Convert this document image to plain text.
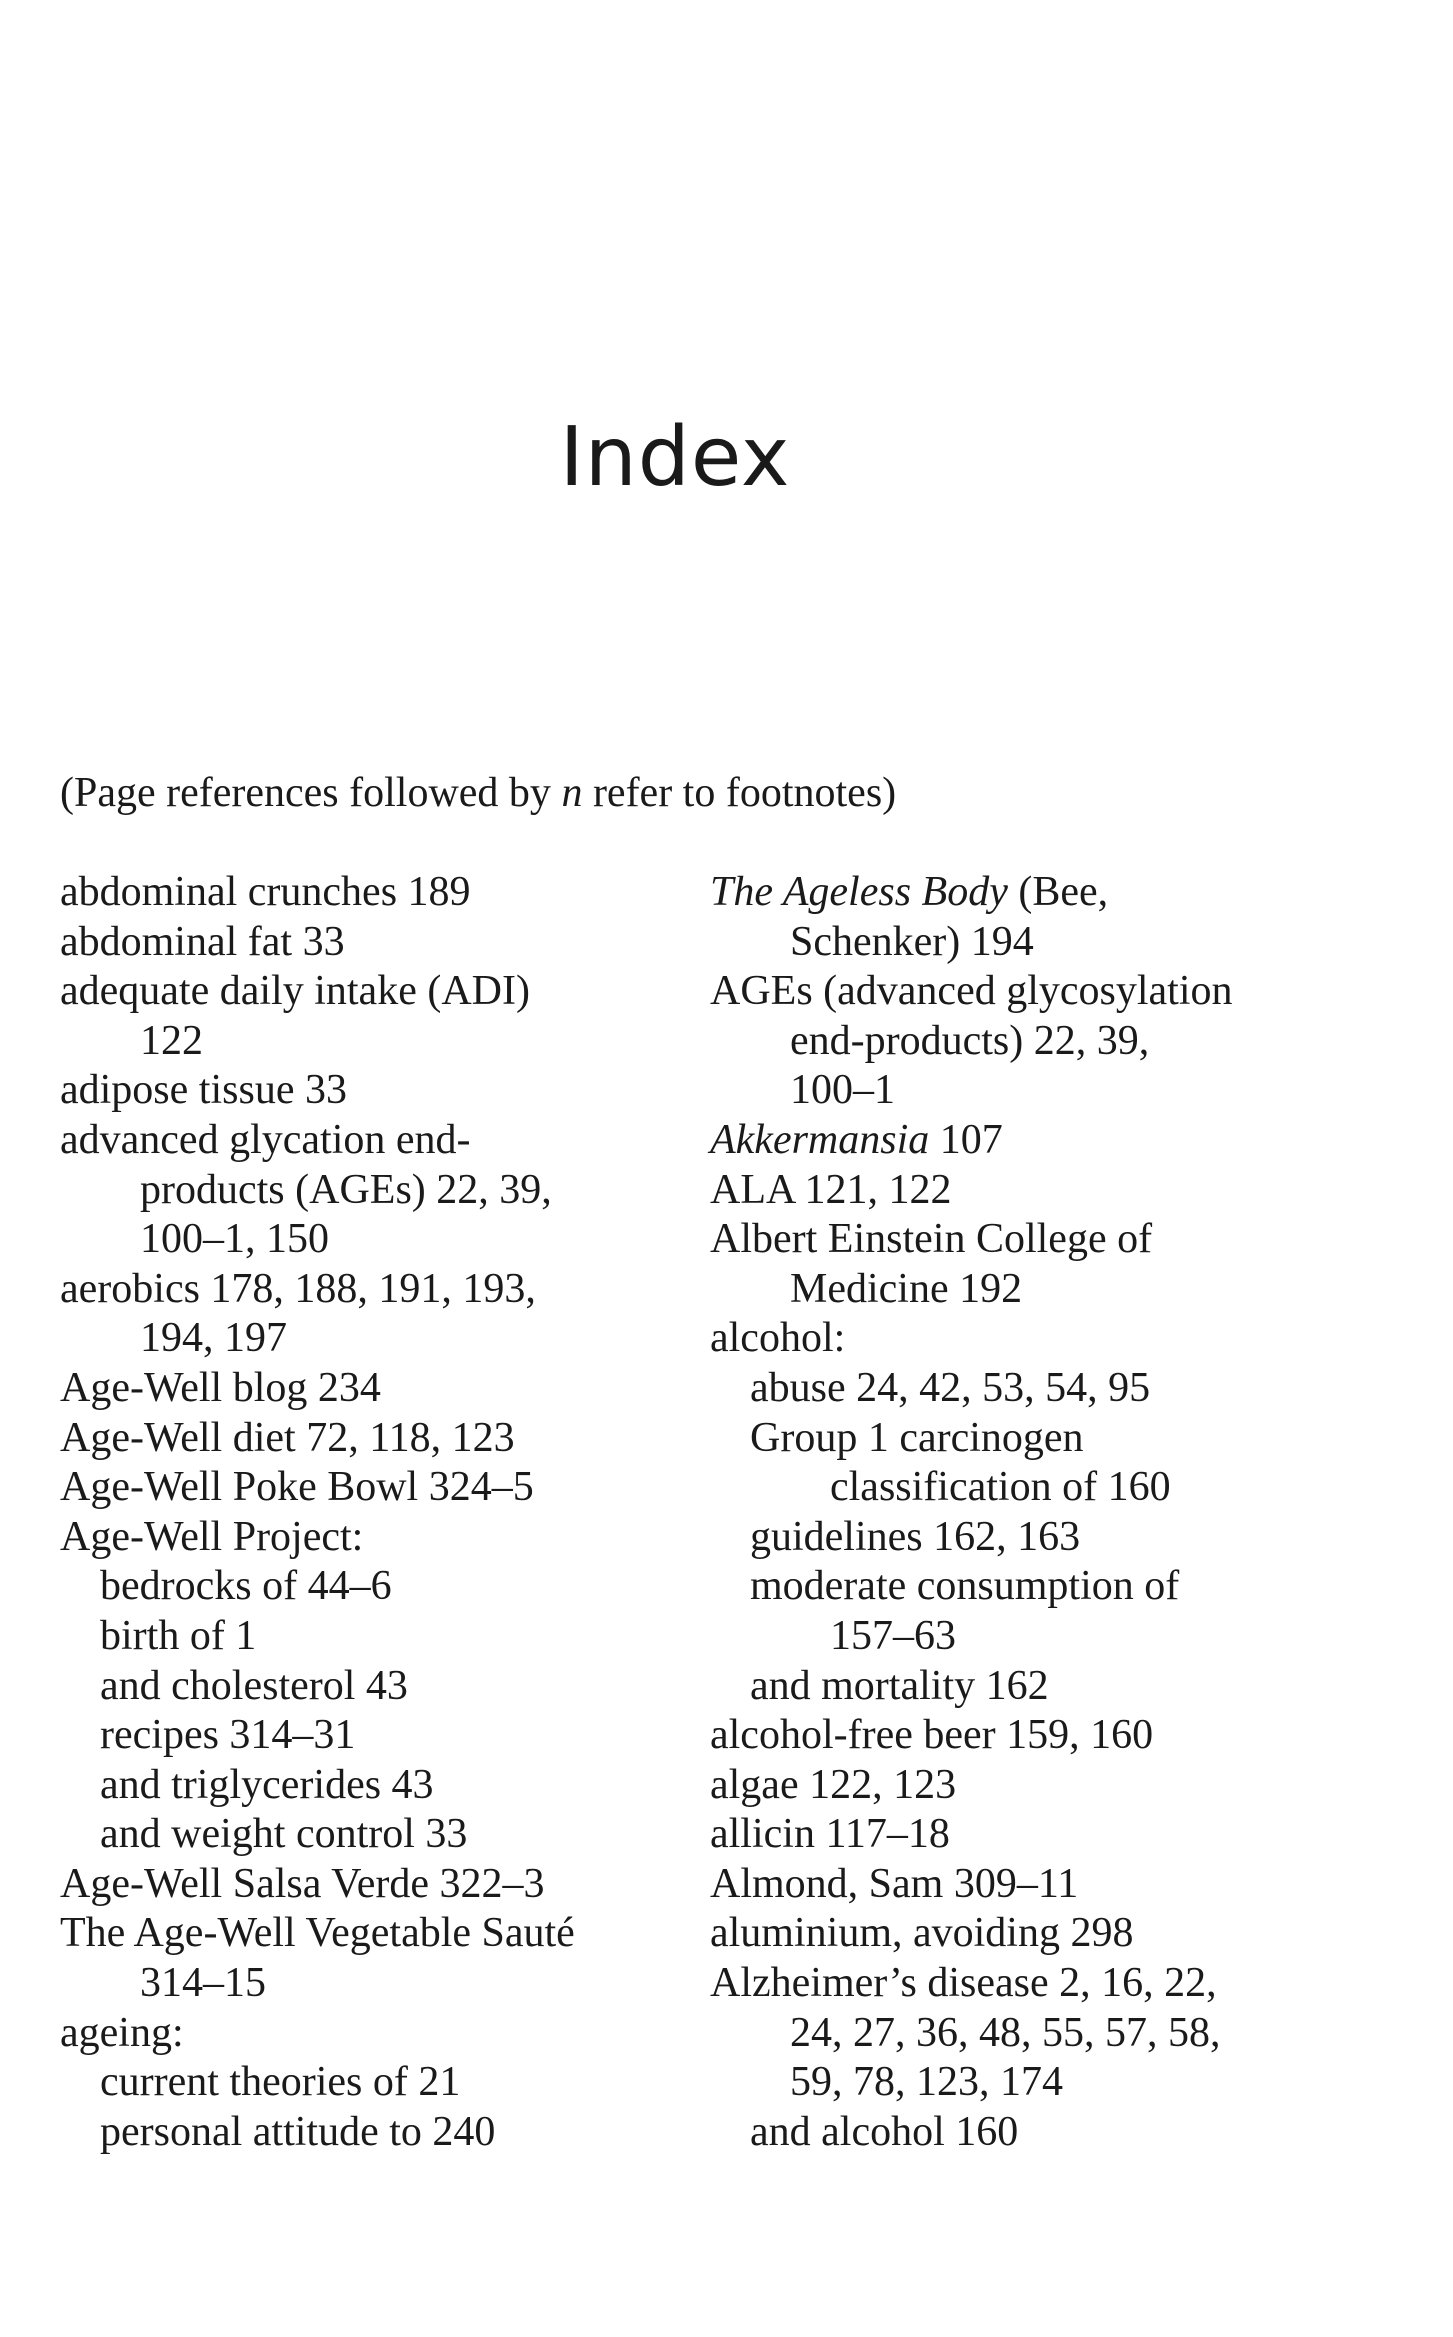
Index
(Page references followed by n refer to footnotes)
abdominal crunches 189
abdominal fat 33
adequate daily intake (ADI)
122
adipose tissue 33
advanced glycation end-
products (AGEs) 22, 39,
100–1, 150
aerobics 178, 188, 191, 193,
194, 197
Age-Well blog 234
Age-Well diet 72, 118, 123
Age-Well Poke Bowl 324–5
Age-Well Project:
bedrocks of 44–6
birth of 1
and cholesterol 43
recipes 314–31
and triglycerides 43
and weight control 33
Age-Well Salsa Verde 322–3
The Age-Well Vegetable Sauté
314–15
ageing:
current theories of 21
personal attitude to 240
The Ageless Body (Bee,
Schenker) 194
AGEs (advanced glycosylation
end-products) 22, 39,
100–1
Akkermansia 107
ALA 121, 122
Albert Einstein College of
Medicine 192
alcohol:
abuse 24, 42, 53, 54, 95
Group 1 carcinogen
classification of 160
guidelines 162, 163
moderate consumption of
157–63
and mortality 162
alcohol-free beer 159, 160
algae 122, 123
allicin 117–18
Almond, Sam 309–11
aluminium, avoiding 298
Alzheimer’s disease 2, 16, 22,
24, 27, 36, 48, 55, 57, 58,
59, 78, 123, 174
and alcohol 160
